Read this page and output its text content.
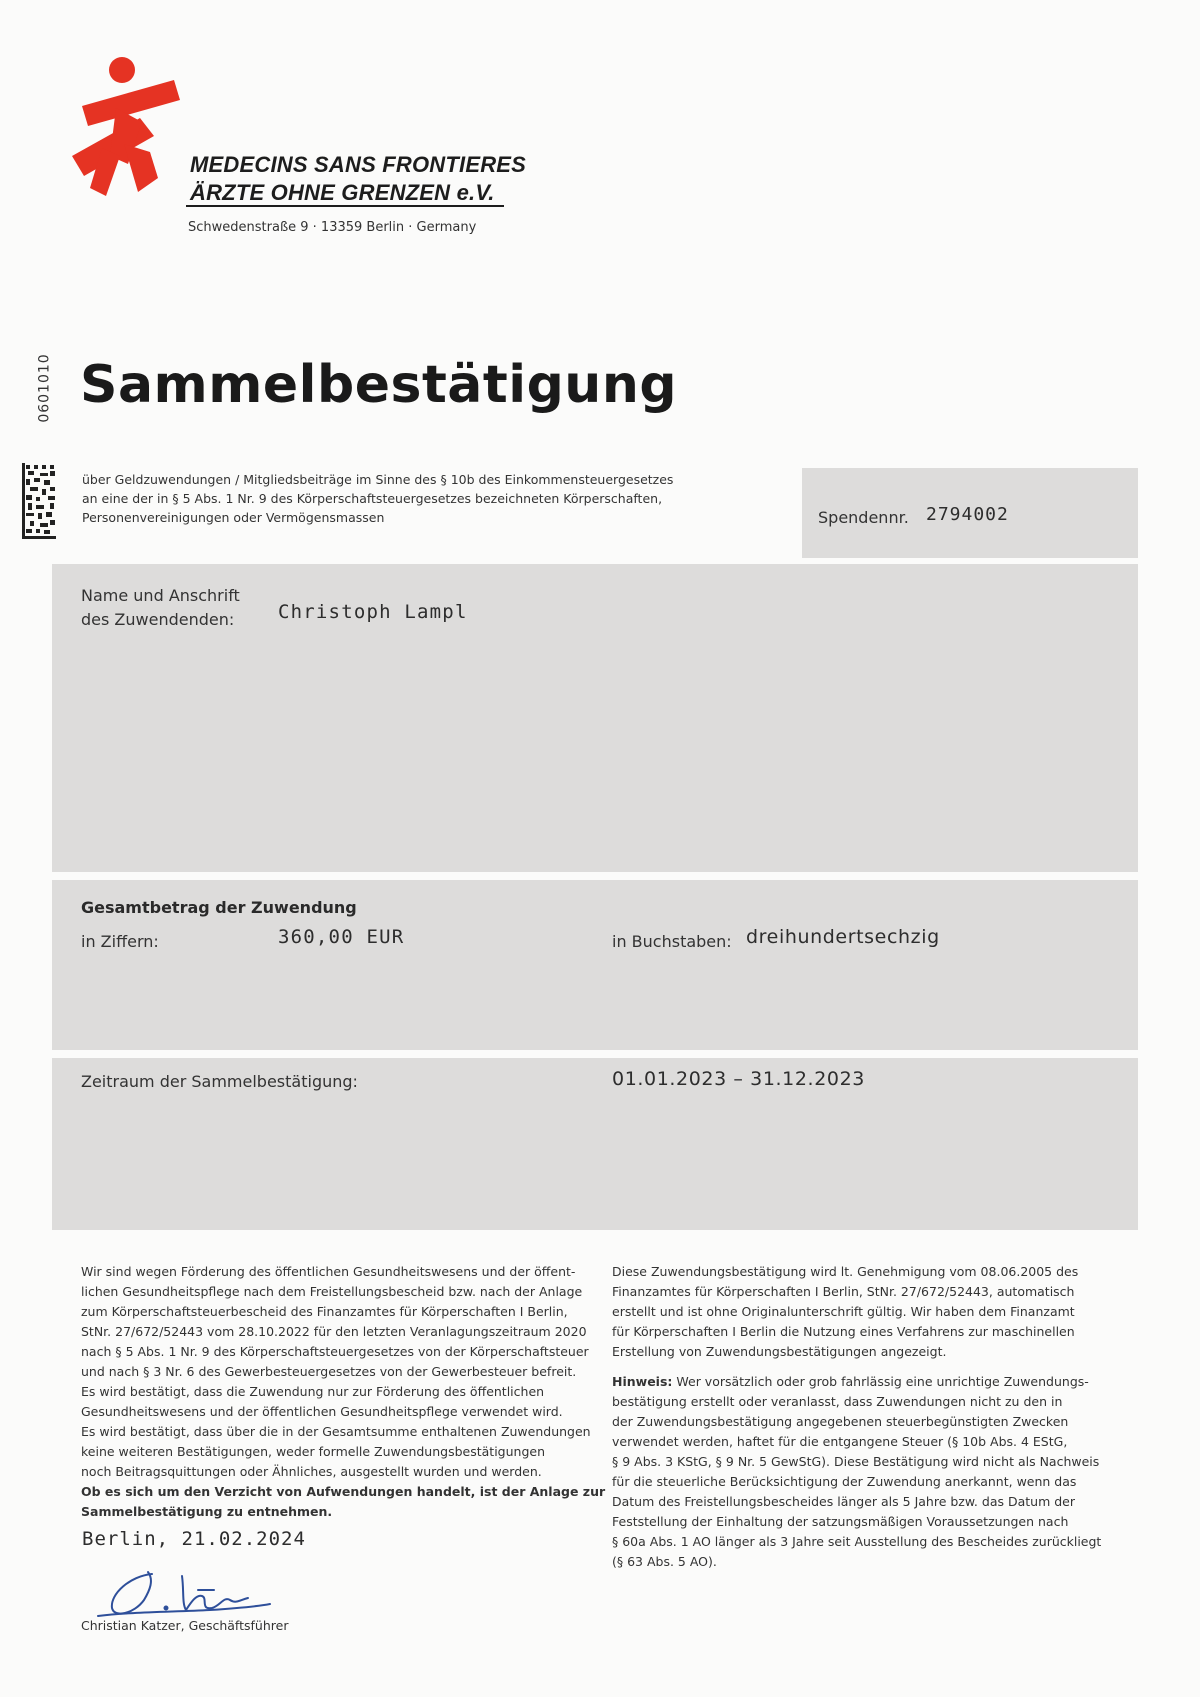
MEDECINS SANS FRONTIERES
ÄRZTE OHNE GRENZEN e.V.
Schwedenstraße 9 · 13359 Berlin · Germany
0601010 Sammelbestätigung
über Geldzuwendungen / Mitgliedsbeiträge im Sinne des § 10b des Einkommensteuergesetzes
an eine der in § 5 Abs. 1 Nr. 9 des Körperschaftsteuergesetzes bezeichneten Körperschaften,
Personenvereinigungen oder Vermögensmassen	Spendennr. 2794002
Name und Anschrift
des Zuwendenden: Christoph Lampl
Gesamtbetrag der Zuwendung
in Ziffern:	360,00 EUR	in Buchstaben: dreihundertsechzig
Zeitraum der Sammelbestätigung:	01.01.2023 – 31.12.2023
Wir sind wegen Förderung des öffentlichen Gesundheitswesens und der öffent-
lichen Gesundheitspflege nach dem Freistellungsbescheid bzw. nach der Anlage
zum Körperschaftsteuerbescheid des Finanzamtes für Körperschaften I Berlin,
StNr. 27/672/52443 vom 28.10.2022 für den letzten Veranlagungszeitraum 2020
nach § 5 Abs. 1 Nr. 9 des Körperschaftsteuergesetzes von der Körperschaftsteuer
und nach § 3 Nr. 6 des Gewerbesteuergesetzes von der Gewerbesteuer befreit.
Es wird bestätigt, dass die Zuwendung nur zur Förderung des öffentlichen
Gesundheitswesens und der öffentlichen Gesundheitspflege verwendet wird.
Es wird bestätigt, dass über die in der Gesamtsumme enthaltenen Zuwendungen
keine weiteren Bestätigungen, weder formelle Zuwendungsbestätigungen
noch Beitragsquittungen oder Ähnliches, ausgestellt wurden und werden.
Ob es sich um den Verzicht von Aufwendungen handelt, ist der Anlage zur
Sammelbestätigung zu entnehmen.
Diese Zuwendungsbestätigung wird lt. Genehmigung vom 08.06.2005 des
Finanzamtes für Körperschaften I Berlin, StNr. 27/672/52443, automatisch
erstellt und ist ohne Originalunterschrift gültig. Wir haben dem Finanzamt
für Körperschaften I Berlin die Nutzung eines Verfahrens zur maschinellen
Erstellung von Zuwendungsbestätigungen angezeigt.
Hinweis: Wer vorsätzlich oder grob fahrlässig eine unrichtige Zuwendungs-
bestätigung erstellt oder veranlasst, dass Zuwendungen nicht zu den in
der Zuwendungsbestätigung angegebenen steuerbegünstigten Zwecken
verwendet werden, haftet für die entgangene Steuer (§ 10b Abs. 4 EStG,
§ 9 Abs. 3 KStG, § 9 Nr. 5 GewStG). Diese Bestätigung wird nicht als Nachweis
für die steuerliche Berücksichtigung der Zuwendung anerkannt, wenn das
Datum des Freistellungsbescheides länger als 5 Jahre bzw. das Datum der
Feststellung der Einhaltung der satzungsmäßigen Voraussetzungen nach
§ 60a Abs. 1 AO länger als 3 Jahre seit Ausstellung des Bescheides zurückliegt
(§ 63 Abs. 5 AO).
Berlin, 21.02.2024
Christian Katzer, Geschäftsführer
